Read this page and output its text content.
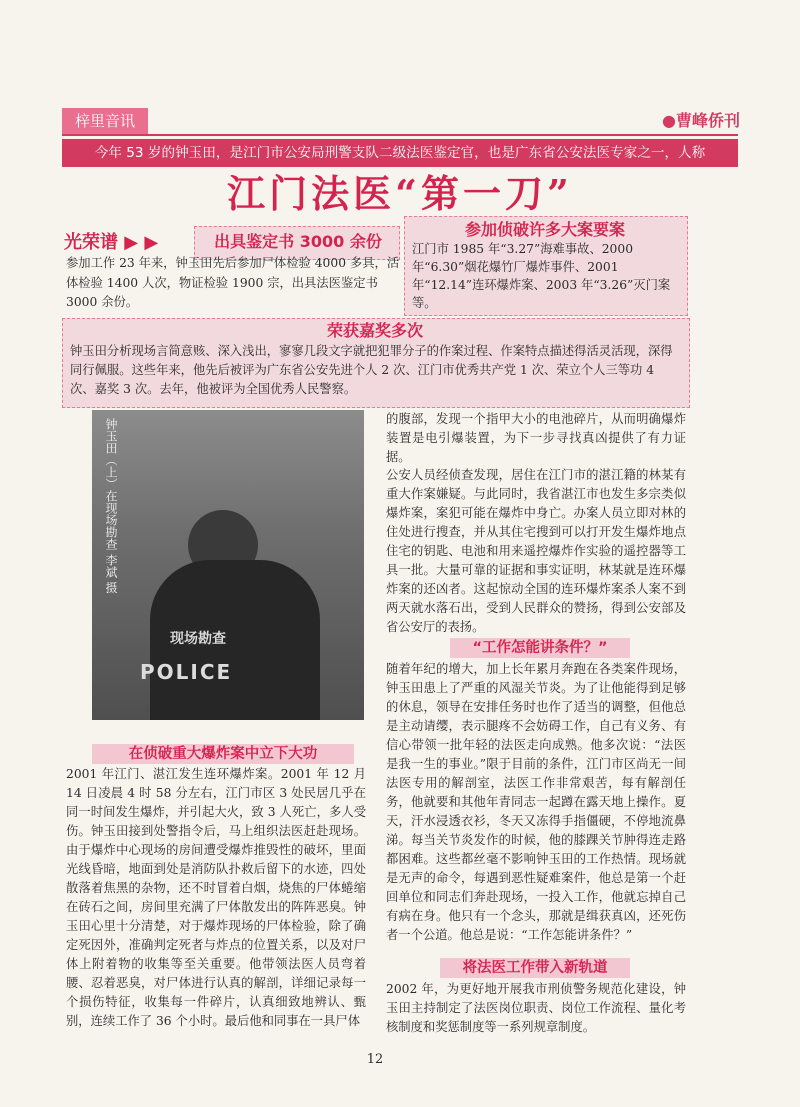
梓里音讯	●曹峰侨刊
今年 53 岁的钟玉田，是江门市公安局刑警支队二级法医鉴定官，也是广东省公安法医专家之一，人称
江门法医“第一刀”
光荣谱 ▶ ▶	出具鉴定书 3000 余份
参加工作 23 年来，钟玉田先后参加尸体检验 4000 多具，活体检验 1400 人次，物证检验 1900 宗，出具法医鉴定书 3000 余份。
参加侦破许多大案要案
江门市 1985 年“3.27”海难事故、2000 年“6.30”烟花爆竹厂爆炸事件、2001 年“12.14”连环爆炸案、2003 年“3.26”灭门案等。
荣获嘉奖多次
钟玉田分析现场言简意赅、深入浅出，寥寥几段文字就把犯罪分子的作案过程、作案特点描述得活灵活现，深得同行佩服。这些年来，他先后被评为广东省公安先进个人 2 次、江门市优秀共产党 1 次、荣立个人三等功 4 次、嘉奖 3 次。去年，他被评为全国优秀人民警察。
现场勘查
POLICE
钟玉田（上）在现场勘查 李斌 摄
在侦破重大爆炸案中立下大功
2001 年江门、湛江发生连环爆炸案。2001 年 12 月 14 日凌晨 4 时 58 分左右，江门市区 3 处民居几乎在同一时间发生爆炸，并引起大火，致 3 人死亡，多人受伤。钟玉田接到处警指令后，马上组织法医赶赴现场。由于爆炸中心现场的房间遭受爆炸推毁性的破坏，里面光线昏暗，地面到处是消防队扑救后留下的水迹，四处散落着焦黑的杂物，还不时冒着白烟，烧焦的尸体蜷缩在砖石之间，房间里充满了尸体散发出的阵阵恶臭。钟玉田心里十分清楚，对于爆炸现场的尸体检验，除了确定死因外，准确判定死者与炸点的位置关系，以及对尸体上附着物的收集等至关重要。他带领法医人员弯着腰、忍着恶臭，对尸体进行认真的解剖，详细记录每一个损伤特征，收集每一件碎片，认真细致地辨认、甄别，连续工作了 36 个小时。最后他和同事在一具尸体
的腹部，发现一个指甲大小的电池碎片，从而明确爆炸装置是电引爆装置，为下一步寻找真凶提供了有力证据。
公安人员经侦查发现，居住在江门市的湛江籍的林某有重大作案嫌疑。与此同时，我省湛江市也发生多宗类似爆炸案，案犯可能在爆炸中身亡。办案人员立即对林的住处进行搜查，并从其住宅搜到可以打开发生爆炸地点住宅的钥匙、电池和用来遥控爆炸作实验的遥控器等工具一批。大量可靠的证据和事实证明，林某就是连环爆炸案的还凶者。这起惊动全国的连环爆炸案杀人案不到两天就水落石出，受到人民群众的赞扬，得到公安部及省公安厅的表扬。
“工作怎能讲条件？”
随着年纪的增大，加上长年累月奔跑在各类案件现场，钟玉田患上了严重的风湿关节炎。为了让他能得到足够的休息，领导在安排任务时也作了适当的调整，但他总是主动请缨，表示腿疼不会妨碍工作，自己有义务、有信心带领一批年轻的法医走向成熟。他多次说：“法医是我一生的事业。”限于目前的条件，江门市区尚无一间法医专用的解剖室，法医工作非常艰苦，每有解剖任务，他就要和其他年青同志一起蹲在露天地上操作。夏天，汗水浸透衣衫，冬天又冻得手指僵硬，不停地流鼻涕。每当关节炎发作的时候，他的膝踝关节肿得连走路都困难。这些都丝毫不影响钟玉田的工作热情。现场就是无声的命令，每遇到恶性疑难案件，他总是第一个赶回单位和同志们奔赴现场，一投入工作，他就忘掉自己有病在身。他只有一个念头，那就是缉获真凶，还死伤者一个公道。他总是说：“工作怎能讲条件？”
将法医工作带入新轨道
2002 年，为更好地开展我市刑侦警务规范化建设，钟玉田主持制定了法医岗位职责、岗位工作流程、量化考核制度和奖惩制度等一系列规章制度。
12
